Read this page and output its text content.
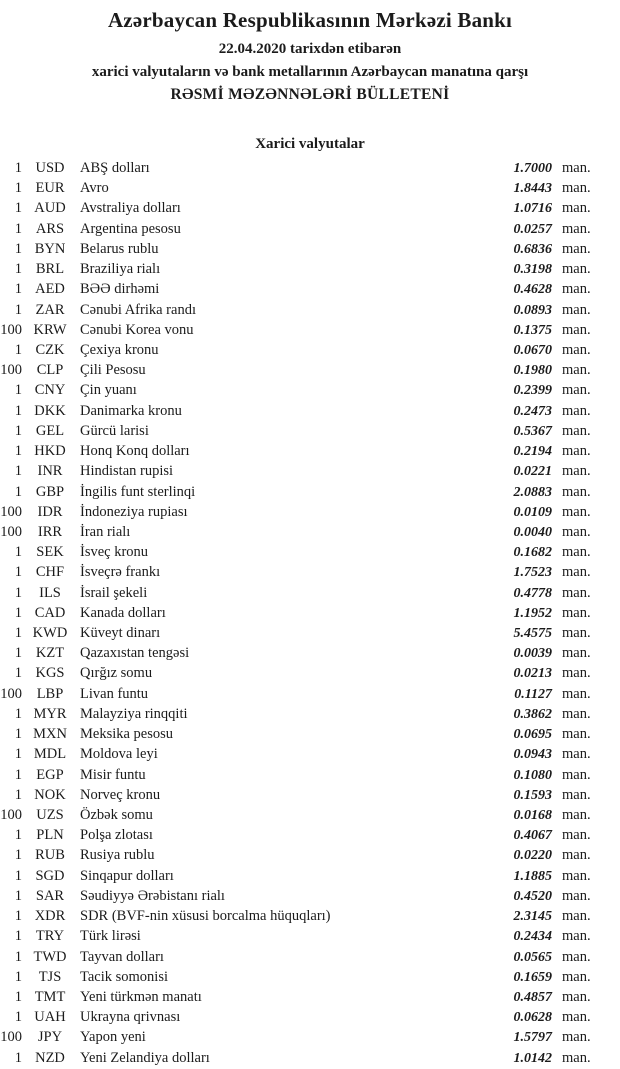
Azərbaycan Respublikasının Mərkəzi Bankı
22.04.2020 tarixdən etibarən
xarici valyutaların və bank metallarının Azərbaycan manatına qarşı
RƏSMİ MƏZƏNNƏLƏRİ BÜLLETENİ
Xarici valyutalar
1 USD	ABŞ dolları	1.7000 man.
1 EUR	Avro	1.8443 man.
1 AUD Avstraliya dolları	1.0716 man.
1 ARS	Argentina pesosu	0.0257 man.
1 BYN	Belarus rublu	0.6836 man.
1 BRL	Braziliya rialı	0.3198 man.
1 AED	BƏƏ dirhəmi	0.4628 man.
1 ZAR	Cənubi Afrika randı	0.0893 man.
100 KRW Cənubi Korea vonu	0.1375 man.
1 CZK	Çexiya kronu	0.0670 man.
100	CLP	Çili Pesosu	0.1980 man.
1 CNY	Çin yuanı	0.2399 man.
1 DKK Danimarka kronu	0.2473 man.
1 GEL	Gürcü larisi	0.5367 man.
1 HKD Honq Konq dolları	0.2194 man.
1	INR	Hindistan rupisi	0.0221 man.
1 GBP	İngilis funt sterlinqi	2.0883 man.
100	IDR	İndoneziya rupiası	0.0109 man.
100	IRR	İran rialı	0.0040 man.
1 SEK	İsveç kronu	0.1682 man.
1 CHF	İsveçrə frankı	1.7523 man.
1	ILS	İsrail şekeli	0.4778 man.
1 CAD	Kanada dolları	1.1952 man.
1 KWD Küveyt dinarı	5.4575 man.
1 KZT	Qazaxıstan tengəsi	0.0039 man.
1 KGS	Qırğız somu	0.0213 man.
100	LBP	Livan funtu	0.1127 man.
1 MYR Malayziya rinqqiti	0.3862 man.
1 MXN Meksika pesosu	0.0695 man.
1 MDL Moldova leyi	0.0943 man.
1 EGP	Misir funtu	0.1080 man.
1 NOK Norveç kronu	0.1593 man.
100 UZS	Özbək somu	0.0168 man.
1 PLN	Polşa zlotası	0.4067 man.
1 RUB	Rusiya rublu	0.0220 man.
1 SGD	Sinqapur dolları	1.1885 man.
1 SAR	Səudiyyə Ərəbistanı rialı	0.4520 man.
1 XDR	SDR (BVF-nin xüsusi borcalma hüquqları)	2.3145 man.
1 TRY	Türk lirəsi	0.2434 man.
1 TWD Tayvan dolları	0.0565 man.
1	TJS	Tacik somonisi	0.1659 man.
1 TMT	Yeni türkmən manatı	0.4857 man.
1 UAH Ukrayna qrivnası	0.0628 man.
100	JPY	Yapon yeni	1.5797 man.
1 NZD	Yeni Zelandiya dolları	1.0142 man.
